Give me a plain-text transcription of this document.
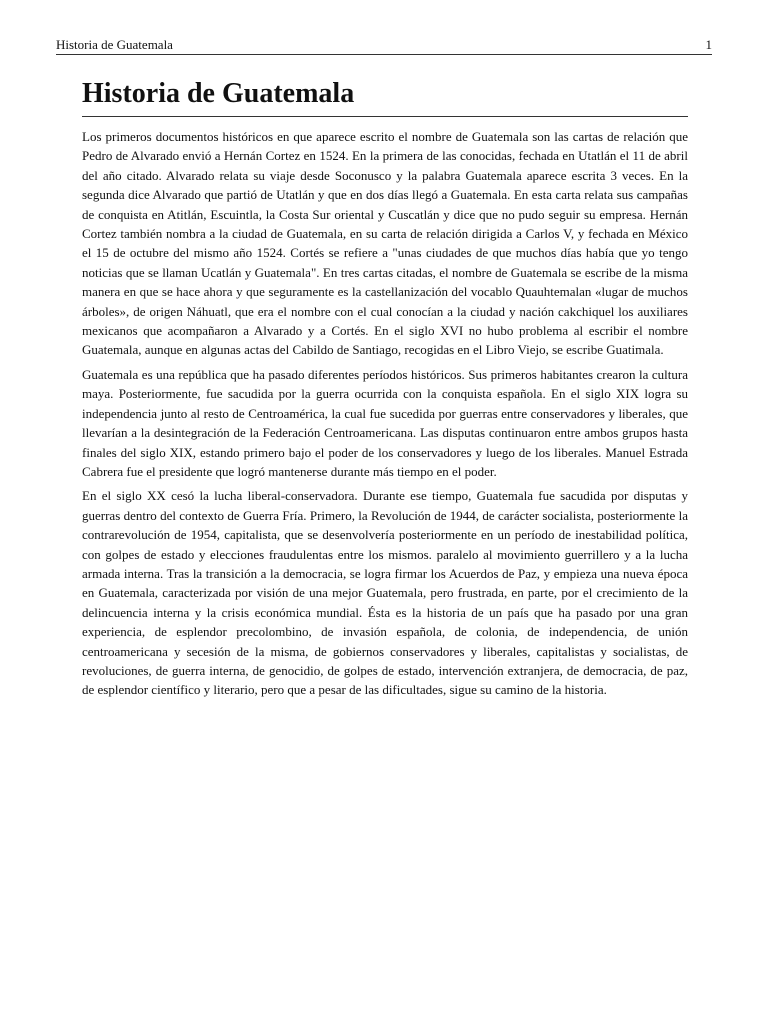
Historia de Guatemala	1
Historia de Guatemala

Los primeros documentos históricos en que aparece escrito el nombre de Guatemala son las cartas de relación que Pedro de Alvarado envió a Hernán Cortez en 1524. En la primera de las conocidas, fechada en Utatlán el 11 de abril del año citado. Alvarado relata su viaje desde Soconusco y la palabra Guatemala aparece escrita 3 veces. En la segunda dice Alvarado que partió de Utatlán y que en dos días llegó a Guatemala. En esta carta relata sus campañas de conquista en Atitlán, Escuintla, la Costa Sur oriental y Cuscatlán y dice que no pudo seguir su empresa. Hernán Cortez también nombra a la ciudad de Guatemala, en su carta de relación dirigida a Carlos V, y fechada en México el 15 de octubre del mismo año 1524. Cortés se refiere a "unas ciudades de que muchos días había que yo tengo noticias que se llaman Ucatlán y Guatemala". En tres cartas citadas, el nombre de Guatemala se escribe de la misma manera en que se hace ahora y que seguramente es la castellanización del vocablo Quauhtemalan «lugar de muchos árboles», de origen Náhuatl, que era el nombre con el cual conocían a la ciudad y nación cakchiquel los auxiliares mexicanos que acompañaron a Alvarado y a Cortés. En el siglo XVI no hubo problema al escribir el nombre Guatemala, aunque en algunas actas del Cabildo de Santiago, recogidas en el Libro Viejo, se escribe Guatimala.

Guatemala es una república que ha pasado diferentes períodos históricos. Sus primeros habitantes crearon la cultura maya. Posteriormente, fue sacudida por la guerra ocurrida con la conquista española. En el siglo XIX logra su independencia junto al resto de Centroamérica, la cual fue sucedida por guerras entre conservadores y liberales, que llevarían a la desintegración de la Federación Centroamericana. Las disputas continuaron entre ambos grupos hasta finales del siglo XIX, estando primero bajo el poder de los conservadores y luego de los liberales. Manuel Estrada Cabrera fue el presidente que logró mantenerse durante más tiempo en el poder.

En el siglo XX cesó la lucha liberal-conservadora. Durante ese tiempo, Guatemala fue sacudida por disputas y guerras dentro del contexto de Guerra Fría. Primero, la Revolución de 1944, de carácter socialista, posteriormente la contrarevolución de 1954, capitalista, que se desenvolvería posteriormente en un período de inestabilidad política, con golpes de estado y elecciones fraudulentas entre los mismos. paralelo al movimiento guerrillero y a la lucha armada interna. Tras la transición a la democracia, se logra firmar los Acuerdos de Paz, y empieza una nueva época en Guatemala, caracterizada por visión de una mejor Guatemala, pero frustrada, en parte, por el crecimiento de la delincuencia interna y la crisis económica mundial. Ésta es la historia de un país que ha pasado por una gran experiencia, de esplendor precolombino, de invasión española, de colonia, de independencia, de unión centroamericana y secesión de la misma, de gobiernos conservadores y liberales, capitalistas y socialistas, de revoluciones, de guerra interna, de genocidio, de golpes de estado, intervención extranjera, de democracia, de paz, de esplendor científico y literario, pero que a pesar de las dificultades, sigue su camino de la historia.
